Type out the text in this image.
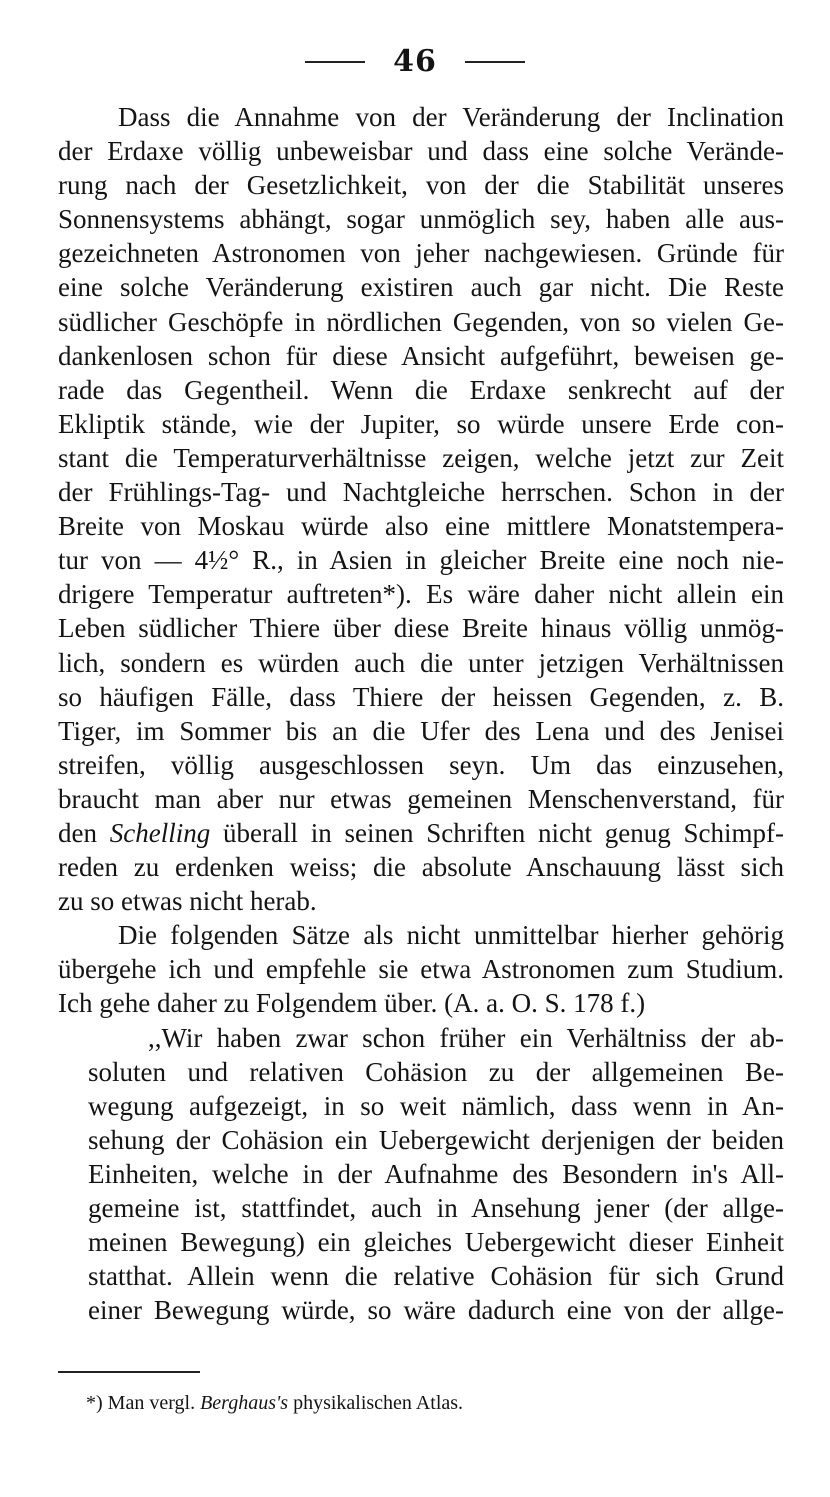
46
Dass die Annahme von der Veränderung der Inclination
der Erdaxe völlig unbeweisbar und dass eine solche Verände-
rung nach der Gesetzlichkeit, von der die Stabilität unseres
Sonnensystems abhängt, sogar unmöglich sey, haben alle aus-
gezeichneten Astronomen von jeher nachgewiesen. Gründe für
eine solche Veränderung existiren auch gar nicht. Die Reste
südlicher Geschöpfe in nördlichen Gegenden, von so vielen Ge-
dankenlosen schon für diese Ansicht aufgeführt, beweisen ge-
rade das Gegentheil. Wenn die Erdaxe senkrecht auf der
Ekliptik stände, wie der Jupiter, so würde unsere Erde con-
stant die Temperaturverhältnisse zeigen, welche jetzt zur Zeit
der Frühlings-Tag- und Nachtgleiche herrschen. Schon in der
Breite von Moskau würde also eine mittlere Monatstempera-
tur von — 4½° R., in Asien in gleicher Breite eine noch nie-
drigere Temperatur auftreten*). Es wäre daher nicht allein ein
Leben südlicher Thiere über diese Breite hinaus völlig unmög-
lich, sondern es würden auch die unter jetzigen Verhältnissen
so häufigen Fälle, dass Thiere der heissen Gegenden, z. B.
Tiger, im Sommer bis an die Ufer des Lena und des Jenisei
streifen, völlig ausgeschlossen seyn. Um das einzusehen,
braucht man aber nur etwas gemeinen Menschenverstand, für
den Schelling überall in seinen Schriften nicht genug Schimpf-
reden zu erdenken weiss; die absolute Anschauung lässt sich
zu so etwas nicht herab.
Die folgenden Sätze als nicht unmittelbar hierher gehörig
übergehe ich und empfehle sie etwa Astronomen zum Studium.
Ich gehe daher zu Folgendem über. (A. a. O. S. 178 f.)
,,Wir haben zwar schon früher ein Verhältniss der ab-
soluten und relativen Cohäsion zu der allgemeinen Be-
wegung aufgezeigt, in so weit nämlich, dass wenn in An-
sehung der Cohäsion ein Uebergewicht derjenigen der beiden
Einheiten, welche in der Aufnahme des Besondern in's All-
gemeine ist, stattfindet, auch in Ansehung jener (der allge-
meinen Bewegung) ein gleiches Uebergewicht dieser Einheit
statthat. Allein wenn die relative Cohäsion für sich Grund
einer Bewegung würde, so wäre dadurch eine von der allge-
*) Man vergl. Berghaus's physikalischen Atlas.
